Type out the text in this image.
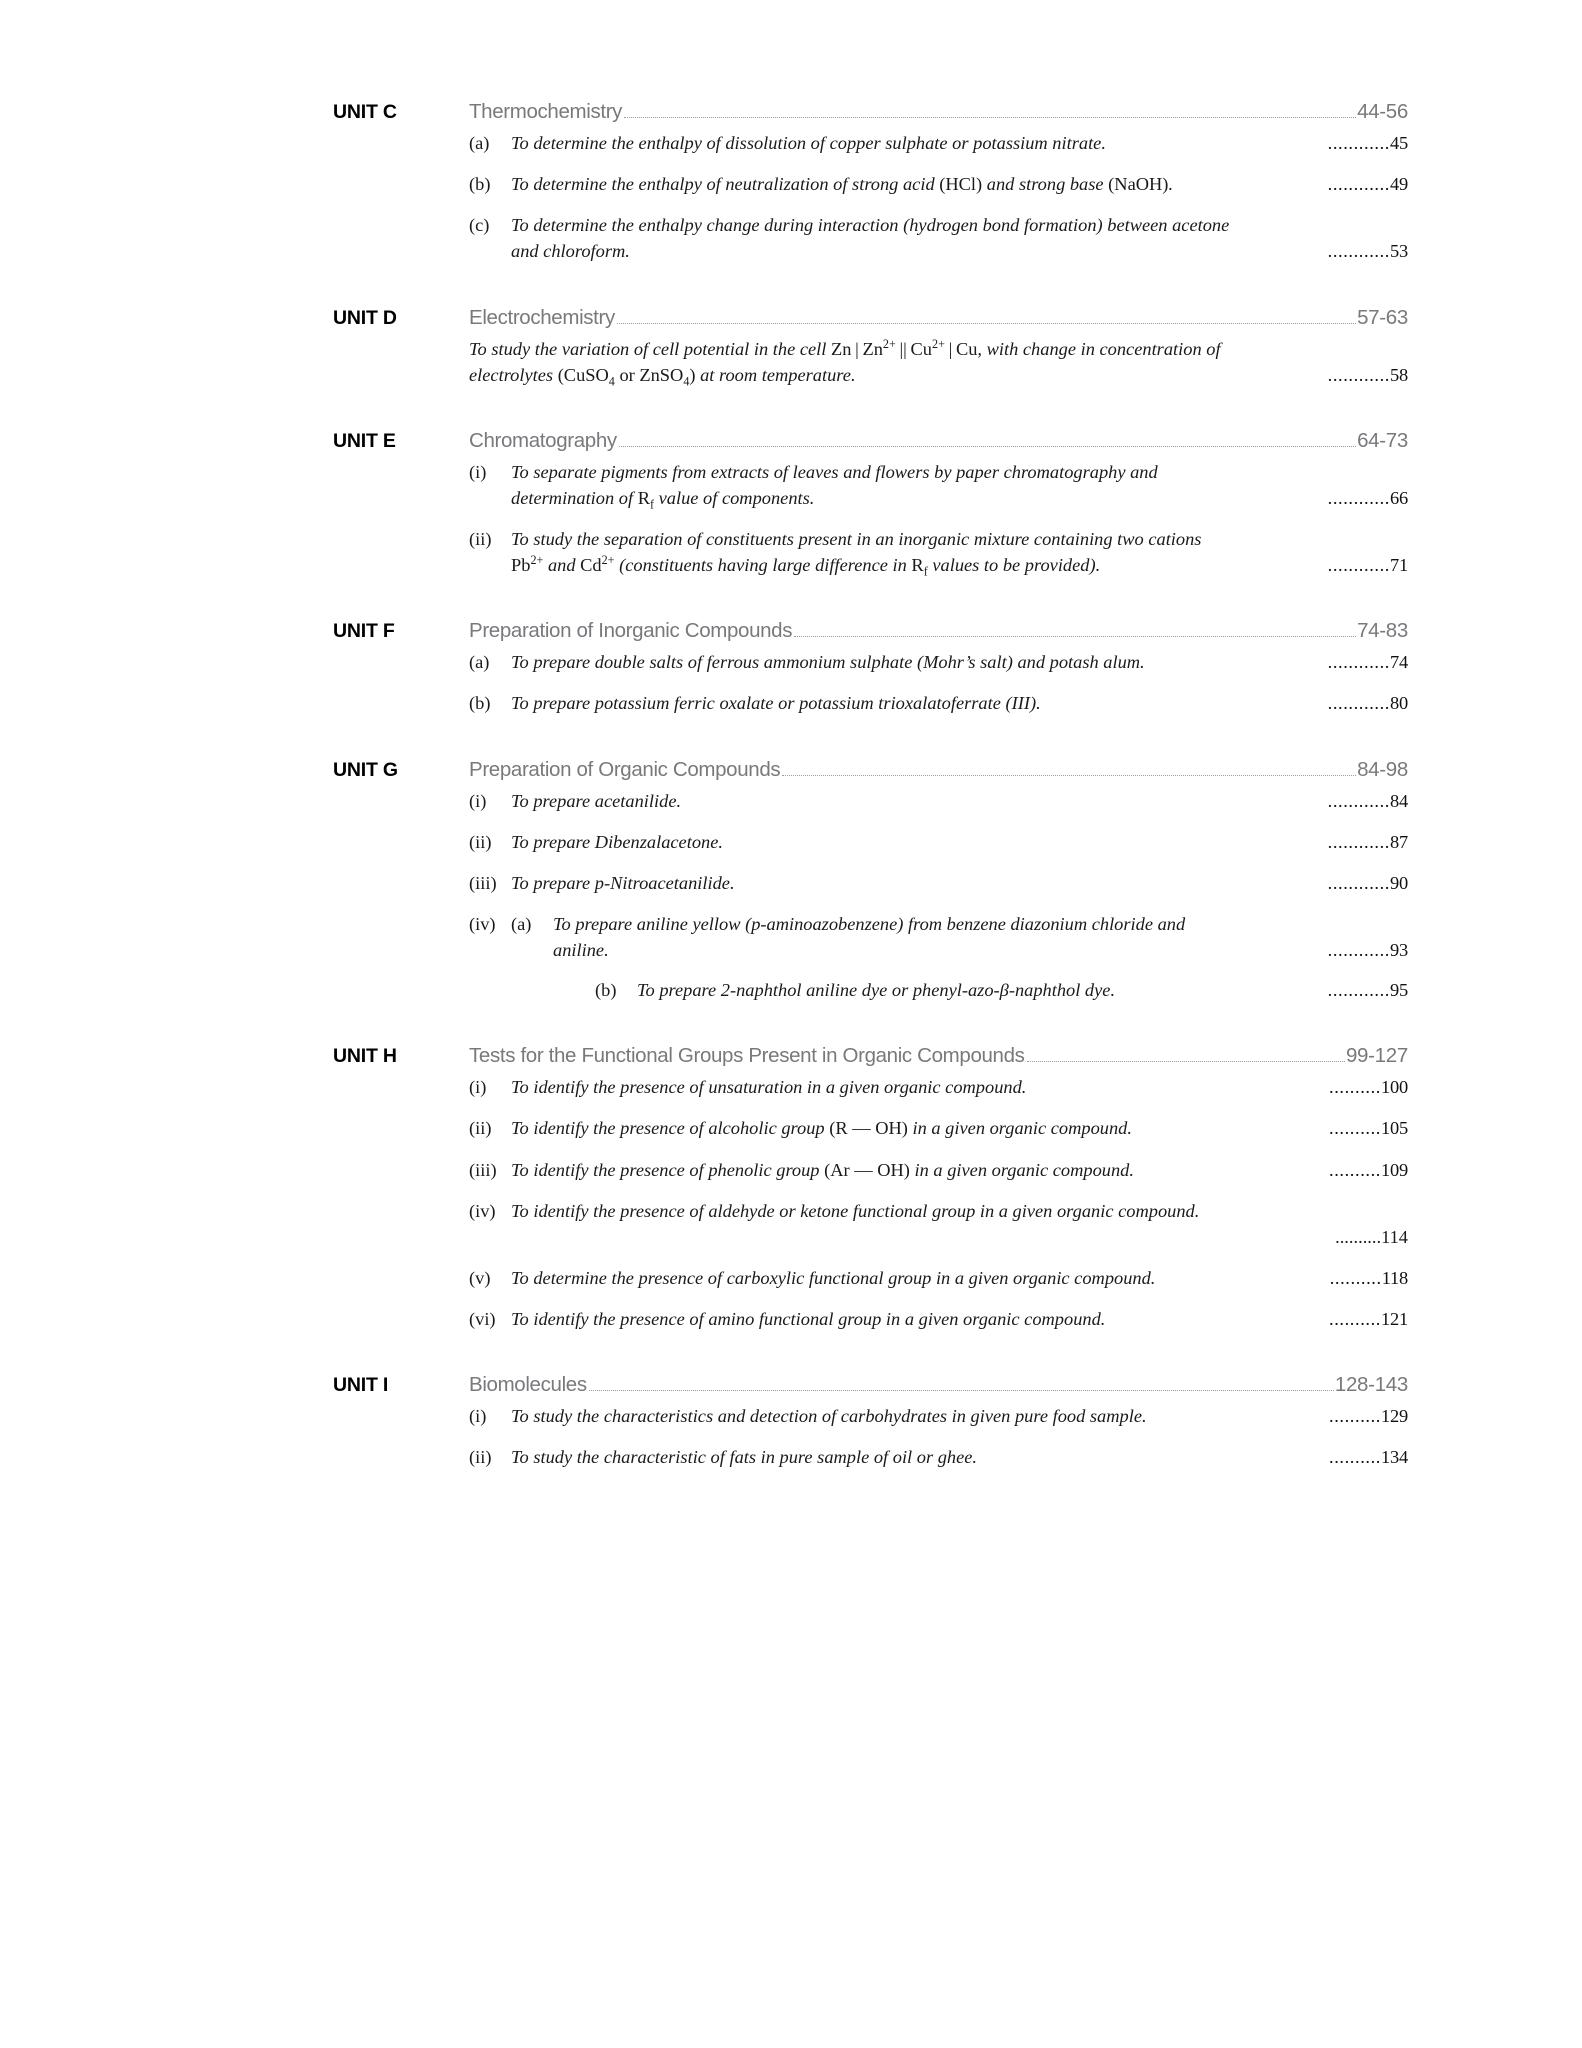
UNIT C	Thermochemistry	44-56
(a)	To determine the enthalpy of dissolution of copper sulphate or potassium nitrate.	............45
(b)	To determine the enthalpy of neutralization of strong acid (HCl) and strong base (NaOH).	............49
(c)	To determine the enthalpy change during interaction (hydrogen bond formation) between acetone
and chloroform.	............53
UNIT D	Electrochemistry	57-63
To study the variation of cell potential in the cell Zn | $Zn^{2+}$ || $Cu^{2+}$ | Cu, with change in concentration of
electrolytes (CuSO$_4$ or ZnSO$_4$) at room temperature.	............58
UNIT E	Chromatography	64-73
(i)	To separate pigments from extracts of leaves and flowers by paper chromatography and
determination of $R_f$ value of components.	............66
(ii)	To study the separation of constituents present in an inorganic mixture containing two cations
$Pb^{2+}$ and $Cd^{2+}$ (constituents having large difference in $R_f$ values to be provided).	............71
UNIT F	Preparation of Inorganic Compounds	74-83
(a)	To prepare double salts of ferrous ammonium sulphate (Mohr’s salt) and potash alum.	............74
(b)	To prepare potassium ferric oxalate or potassium trioxalatoferrate (III).	............80
UNIT G	Preparation of Organic Compounds	84-98
(i)	To prepare acetanilide.	............84
(ii)	To prepare Dibenzalacetone.	............87
(iii) To prepare p-Nitroacetanilide.	............90
(iv) (a)	To prepare aniline yellow (p-aminoazobenzene) from benzene diazonium chloride and
aniline.	............93
(b)	To prepare 2-naphthol aniline dye or phenyl-azo-β-naphthol dye.	............95
UNIT H	Tests for the Functional Groups Present in Organic Compounds	99-127
(i)	To identify the presence of unsaturation in a given organic compound.	..........100
(ii)	To identify the presence of alcoholic group (R — OH) in a given organic compound.	..........105
(iii) To identify the presence of phenolic group (Ar — OH) in a given organic compound.	..........109
(iv) To identify the presence of aldehyde or ketone functional group in a given organic compound.
..........114
(v)	To determine the presence of carboxylic functional group in a given organic compound.	..........118
(vi) To identify the presence of amino functional group in a given organic compound.	..........121
UNIT I	Biomolecules	128-143
(i)	To study the characteristics and detection of carbohydrates in given pure food sample.	..........129
(ii)	To study the characteristic of fats in pure sample of oil or ghee.	..........134
